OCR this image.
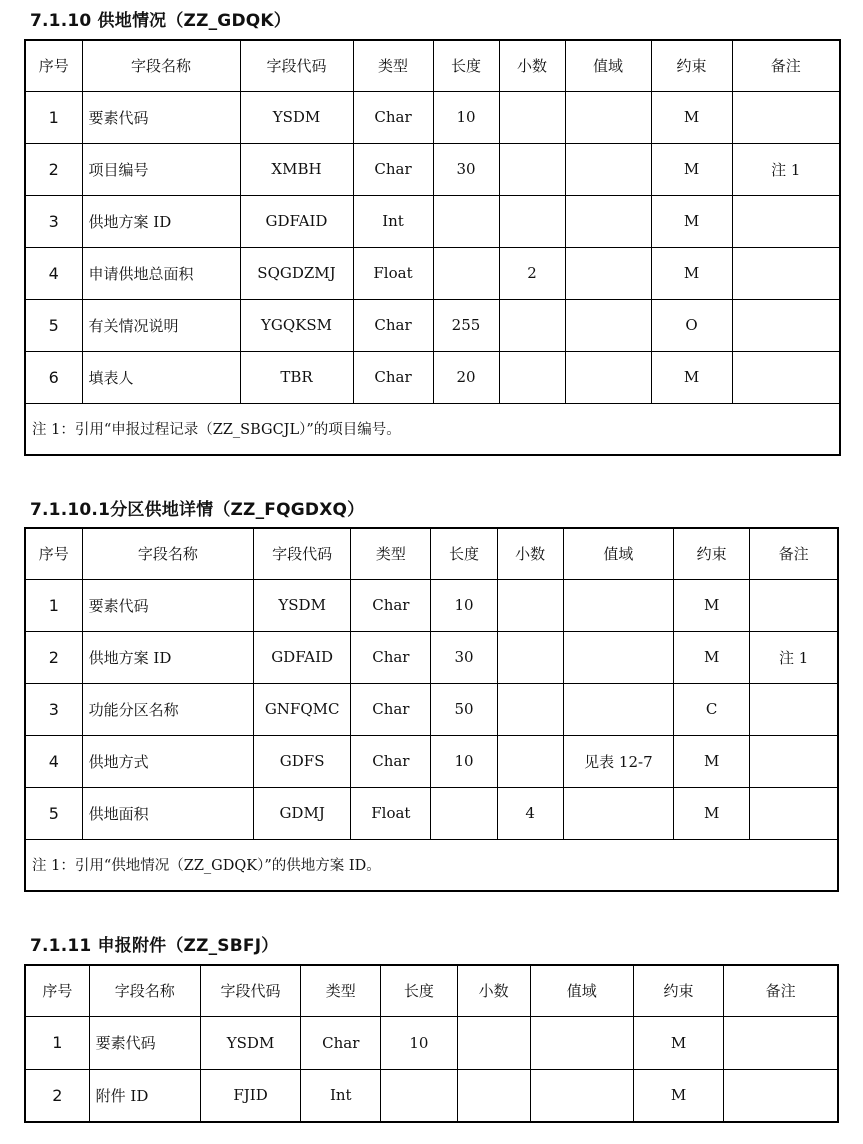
7.1.10 供地情况（ZZ_GDQK）
序号	字段名称	字段代码	类型	长度	小数	值域	约束	备注
1	要素代码	YSDM	Char	10			M	
2	项目编号	XMBH	Char	30			M	注 1
3	供地方案 ID	GDFAID	Int				M	
4	申请供地总面积	SQGDZMJ	Float		2		M	
5	有关情况说明	YGQKSM	Char	255			O	
6	填表人	TBR	Char	20			M	
注 1：引用“申报过程记录（ZZ_SBGCJL）”的项目编号。								
7.1.10.1分区供地详情（ZZ_FQGDXQ）
序号	字段名称	字段代码	类型	长度	小数	值域	约束	备注
1	要素代码	YSDM	Char	10			M	
2	供地方案 ID	GDFAID	Char	30			M	注 1
3	功能分区名称	GNFQMC	Char	50			C	
4	供地方式	GDFS	Char	10		见表 12-7	M	
5	供地面积	GDMJ	Float		4		M	
注 1：引用“供地情况（ZZ_GDQK）”的供地方案 ID。								
7.1.11 申报附件（ZZ_SBFJ）
序号	字段名称	字段代码	类型	长度	小数	值域	约束	备注
1	要素代码	YSDM	Char	10			M	
2	附件 ID	FJID	Int				M	
